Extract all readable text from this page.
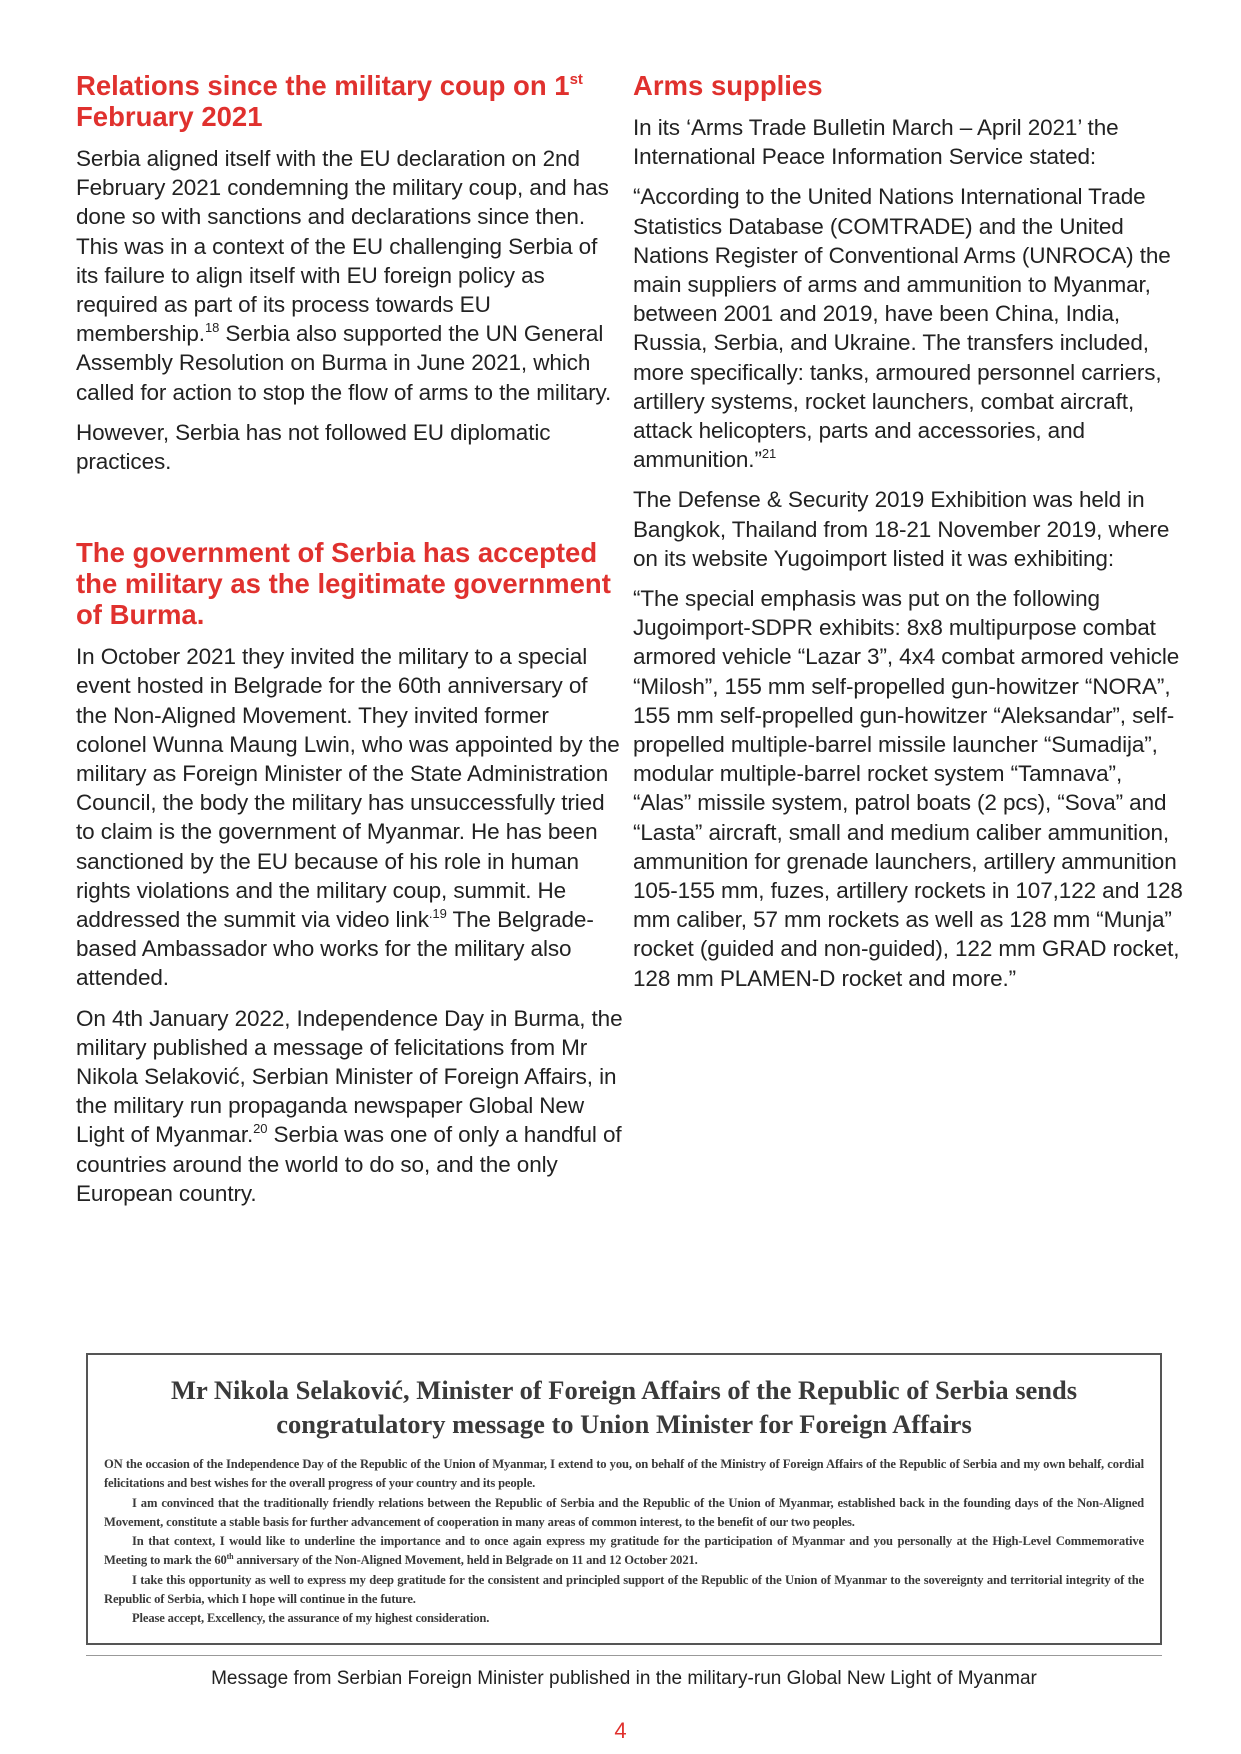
Relations since the military coup on 1st February 2021

Serbia aligned itself with the EU declaration on 2nd February 2021 condemning the military coup, and has done so with sanctions and declarations since then. This was in a context of the EU challenging Serbia of its failure to align itself with EU foreign policy as required as part of its process towards EU membership.$^{18}$ Serbia also supported the UN General Assembly Resolution on Burma in June 2021, which called for action to stop the flow of arms to the military.

However, Serbia has not followed EU diplomatic practices.

The government of Serbia has accepted the military as the legitimate government of Burma.

In October 2021 they invited the military to a special event hosted in Belgrade for the 60th anniversary of the Non-Aligned Movement. They invited former colonel Wunna Maung Lwin, who was appointed by the military as Foreign Minister of the State Administration Council, the body the military has unsuccessfully tried to claim is the government of Myanmar. He has been sanctioned by the EU because of his role in human rights violations and the military coup, summit. He addressed the summit via video link$^{.19}$ The Belgrade-based Ambassador who works for the military also attended.

On 4th January 2022, Independence Day in Burma, the military published a message of felicitations from Mr Nikola Selaković, Serbian Minister of Foreign Affairs, in the military run propaganda newspaper Global New Light of Myanmar.$^{20}$ Serbia was one of only a handful of countries around the world to do so, and the only European country.

Arms supplies

In its ‘Arms Trade Bulletin March – April 2021’ the International Peace Information Service stated:

“According to the United Nations International Trade Statistics Database (COMTRADE) and the United Nations Register of Conventional Arms (UNROCA) the main suppliers of arms and ammunition to Myanmar, between 2001 and 2019, have been China, India, Russia, Serbia, and Ukraine. The transfers included, more specifically: tanks, armoured personnel carriers, artillery systems, rocket launchers, combat aircraft, attack helicopters, parts and accessories, and ammunition.”$^{21}$

The Defense & Security 2019 Exhibition was held in Bangkok, Thailand from 18-21 November 2019, where on its website Yugoimport listed it was exhibiting:

“The special emphasis was put on the following Jugoimport-SDPR exhibits: 8x8 multipurpose combat armored vehicle “Lazar 3”, 4x4 combat armored vehicle “Milosh”, 155 mm self-propelled gun-howitzer “NORA”, 155 mm self-propelled gun-howitzer “Aleksandar”, self-propelled multiple-barrel missile launcher “Sumadija”, modular multiple-barrel rocket system “Tamnava”, “Alas” missile system, patrol boats (2 pcs), “Sova” and “Lasta” aircraft, small and medium caliber ammunition, ammunition for grenade launchers, artillery ammunition 105-155 mm, fuzes, artillery rockets in 107,122 and 128 mm caliber, 57 mm rockets as well as 128 mm “Munja” rocket (guided and non-guided), 122 mm GRAD rocket, 128 mm PLAMEN-D rocket and more.”

Mr Nikola Selaković, Minister of Foreign Affairs of the Republic of Serbia sends congratulatory message to Union Minister for Foreign Affairs

ON the occasion of the Independence Day of the Republic of the Union of Myanmar, I extend to you, on behalf of the Ministry of Foreign Affairs of the Republic of Serbia and my own behalf, cordial felicitations and best wishes for the overall progress of your country and its people.

I am convinced that the traditionally friendly relations between the Republic of Serbia and the Republic of the Union of Myanmar, established back in the founding days of the Non-Aligned Movement, constitute a stable basis for further advancement of cooperation in many areas of common interest, to the benefit of our two peoples.

In that context, I would like to underline the importance and to once again express my gratitude for the participation of Myanmar and you personally at the High-Level Commemorative Meeting to mark the 60th anniversary of the Non-Aligned Movement, held in Belgrade on 11 and 12 October 2021.

I take this opportunity as well to express my deep gratitude for the consistent and principled support of the Republic of the Union of Myanmar to the sovereignty and territorial integrity of the Republic of Serbia, which I hope will continue in the future.

Please accept, Excellency, the assurance of my highest consideration.

Message from Serbian Foreign Minister published in the military-run Global New Light of Myanmar
4
